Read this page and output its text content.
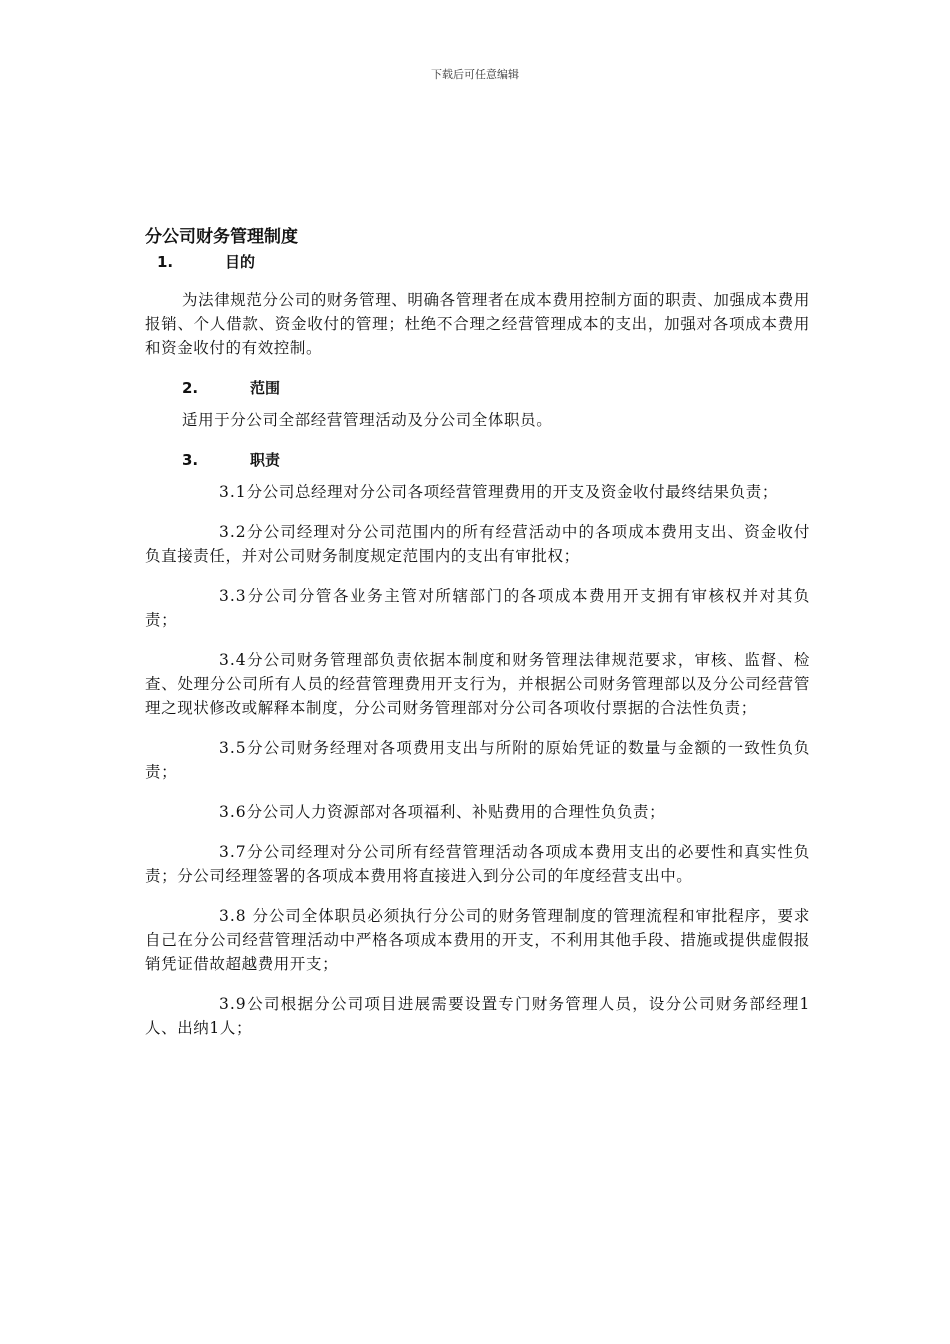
下载后可任意编辑
分公司财务管理制度
1.	目的

为法律规范分公司的财务管理、明确各管理者在成本费用控制方面的职责、加强成本费用报销、个人借款、资金收付的管理；杜绝不合理之经营管理成本的支出，加强对各项成本费用和资金收付的有效控制。

2.	范围

适用于分公司全部经营管理活动及分公司全体职员。

3.	职责

3.1分公司总经理对分公司各项经营管理费用的开支及资金收付最终结果负责；

3.2分公司经理对分公司范围内的所有经营活动中的各项成本费用支出、资金收付负直接责任，并对公司财务制度规定范围内的支出有审批权；

3.3分公司分管各业务主管对所辖部门的各项成本费用开支拥有审核权并对其负责；

3.4分公司财务管理部负责依据本制度和财务管理法律规范要求，审核、监督、检查、处理分公司所有人员的经营管理费用开支行为，并根据公司财务管理部以及分公司经营管理之现状修改或解释本制度，分公司财务管理部对分公司各项收付票据的合法性负责；

3.5分公司财务经理对各项费用支出与所附的原始凭证的数量与金额的一致性负负责；

3.6分公司人力资源部对各项福利、补贴费用的合理性负负责；

3.7分公司经理对分公司所有经营管理活动各项成本费用支出的必要性和真实性负责；分公司经理签署的各项成本费用将直接进入到分公司的年度经营支出中。

3.8 分公司全体职员必须执行分公司的财务管理制度的管理流程和审批程序，要求自己在分公司经营管理活动中严格各项成本费用的开支，不利用其他手段、措施或提供虚假报销凭证借故超越费用开支；

3.9公司根据分公司项目进展需要设置专门财务管理人员，设分公司财务部经理1人、出纳1人；
